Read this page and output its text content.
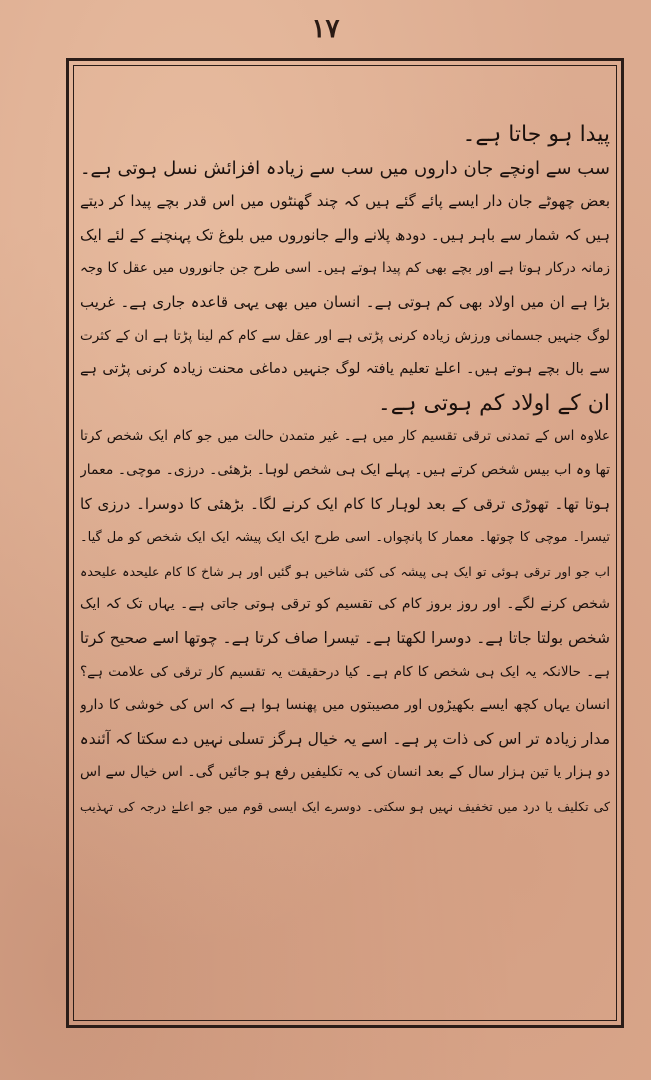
١٧
پیدا ہو جاتا ہے۔
سب سے اونچے جان داروں میں سب سے زیادہ افزائش نسل ہوتی ہے۔
بعض چھوٹے جان دار ایسے پائے گئے ہیں کہ چند گھنٹوں میں اس قدر بچے پیدا کر دیتے
ہیں کہ شمار سے باہر ہیں۔ دودھ پلانے والے جانوروں میں بلوغ تک پہنچنے کے لئے ایک
زمانہ درکار ہوتا ہے اور بچے بھی کم پیدا ہوتے ہیں۔ اسی طرح جن جانوروں میں عقل کا وجہ
بڑا ہے ان میں اولاد بھی کم ہوتی ہے۔ انسان میں بھی یہی قاعدہ جاری ہے۔ غریب
لوگ جنہیں جسمانی ورزش زیادہ کرنی پڑتی ہے اور عقل سے کام کم لینا پڑتا ہے ان کے کثرت
سے بال بچے ہوتے ہیں۔ اعلےٰ تعلیم یافتہ لوگ جنہیں دماغی محنت زیادہ کرنی پڑتی ہے
ان کے اولاد کم ہوتی ہے۔
علاوہ اس کے تمدنی ترقی تقسیم کار میں ہے۔ غیر متمدن حالت میں جو کام ایک شخص کرتا
تھا وہ اب بیس شخص کرتے ہیں۔ پہلے ایک ہی شخص لوہا۔ بڑھئی۔ درزی۔ موچی۔ معمار
ہوتا تھا۔ تھوڑی ترقی کے بعد لوہار کا کام ایک کرنے لگا۔ بڑھئی کا دوسرا۔ درزی کا
تیسرا۔ موچی کا چوتھا۔ معمار کا پانچواں۔ اسی طرح ایک ایک پیشہ ایک ایک شخص کو مل گیا۔
اب جو اور ترقی ہوئی تو ایک ہی پیشہ کی کئی شاخیں ہو گئیں اور ہر شاخ کا کام علیحدہ علیحدہ
شخص کرنے لگے۔ اور روز بروز کام کی تقسیم کو ترقی ہوتی جاتی ہے۔ یہاں تک کہ ایک
شخص بولتا جاتا ہے۔ دوسرا لکھتا ہے۔ تیسرا صاف کرتا ہے۔ چوتھا اسے صحیح کرتا
ہے۔ حالانکہ یہ ایک ہی شخص کا کام ہے۔ کیا درحقیقت یہ تقسیم کار ترقی کی علامت ہے؟
انسان یہاں کچھ ایسے بکھیڑوں اور مصیبتوں میں پھنسا ہوا ہے کہ اس کی خوشی کا دارو
مدار زیادہ تر اس کی ذات پر ہے۔ اسے یہ خیال ہرگز تسلی نہیں دے سکتا کہ آئندہ
دو ہزار یا تین ہزار سال کے بعد انسان کی یہ تکلیفیں رفع ہو جائیں گی۔ اس خیال سے اس
کی تکلیف یا درد میں تخفیف نہیں ہو سکتی۔ دوسرے ایک ایسی قوم میں جو اعلےٰ درجہ کی تہذیب
